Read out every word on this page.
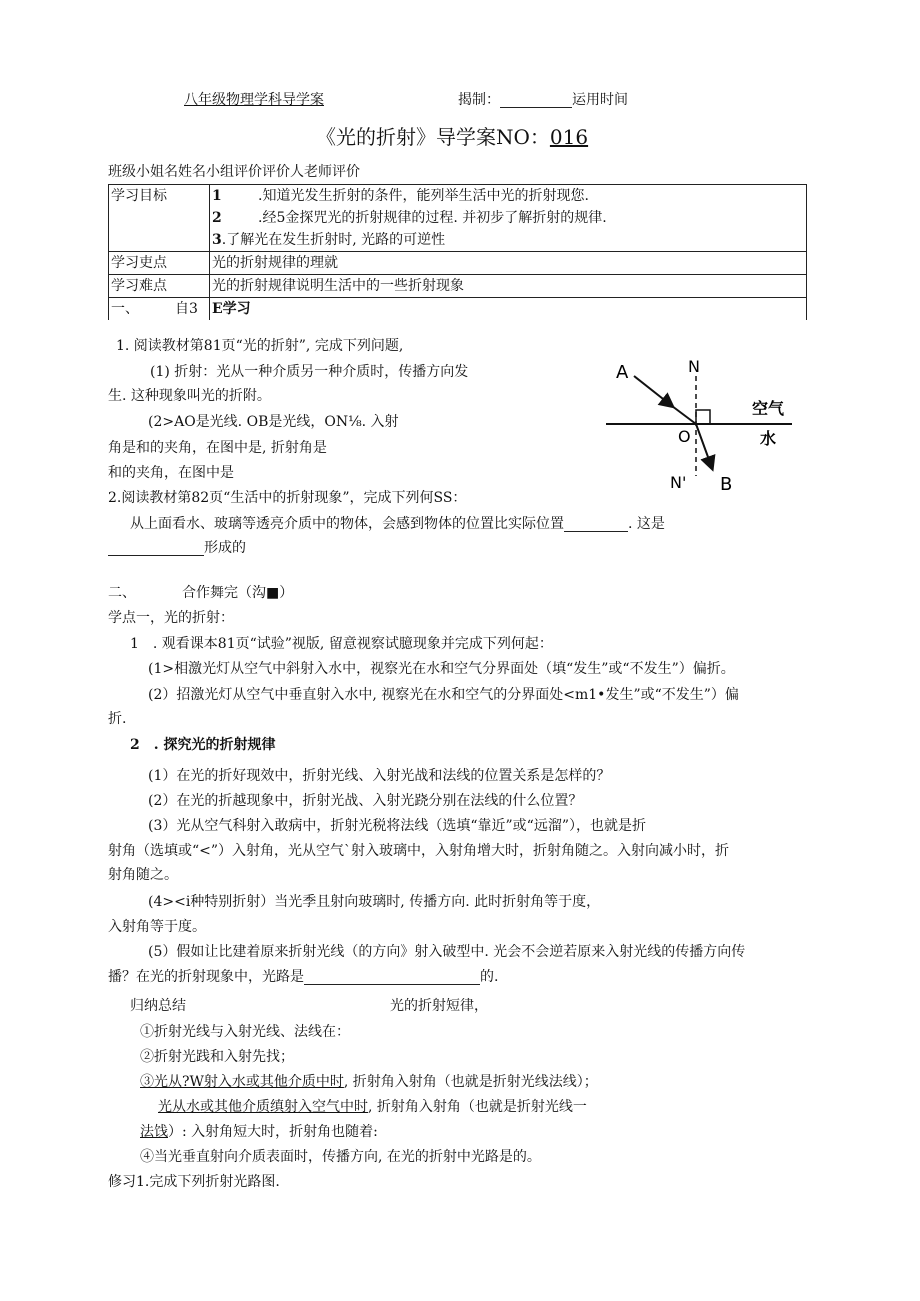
八年级物理学科导学案	揭制：	运用时间
《光的折射》导学案NO：016
班级小姐名姓名小组评价评价人老师评价
学习目标	1 .知道光发生折射的条件，能列举生活中光的折射现您.
2 .经5金探咒光的折射规律的过程. 并初步了解折射的规律.
3.了解光在发生折射时, 光路的可逆性

学习吏点	光的折射规律的理就
学习难点	光的折射规律说明生活中的一些折射现象
一、 自3	E学习
1. 阅读教材第81页“光的折射”, 完成下列问题,
(1) 折射：光从一种介质另一种介质时，传播方向发
生. 这种现象叫光的折附。
(2>AO是光线. OB是光线，ON⅛. 入射
角是和的夹角，在图中是, 折射角是
和的夹角，在图中是
2.阅读教材第82页“生活中的折射现象”，完成下列何SS：
从上面看水、玻璃等透亮介质中的物体，会感到物体的位置比实际位置	. 这是
形成的
A	N
O
N' B
空气
水
二、	合作舞完（沟■）
学点一，光的折射：
1　. 观看课本81页“试验”视版, 留意视察试臆现象并完成下列何起：
(1>相激光灯从空气中斜射入水中，视察光在水和空气分界面处（填“发生”或“不发生”）偏折。
(2）招激光灯从空气中垂直射入水中, 视察光在水和空气的分界面处<m1•发生”或“不发生”）偏
折.
2　. 探究光的折射规律
(1）在光的折好现效中，折射光线、入射光战和法线的位置关系是怎样的？
(2）在光的折越现象中，折射光战、入射光跷分别在法线的什么位置？
(3）光从空气科射入敢病中，折射光税将法线（选填“靠近”或“远溜”），也就是折
射角（选填或“<”）入射角，光从空气`射入玻璃中，入射角增大时，折射角随之。入射向减小时，折
射角随之。
(4><i种特别折射）当光季且射向玻璃时, 传播方向. 此时折射角等于度，
入射角等于度。
(5）假如让比建着原来折射光线（的方向》射入破型中. 光会不会逆若原来入射光线的传播方向传
播？在光的折射现象中，光路是	的.
归纳总结	光的折射短律，
①折射光线与入射光线、法线在：
②折射光践和入射先找；
③光从?W射入水或其他介质中时, 折射角入射角（也就是折射光线法线）；
光从水或其他介质缜射入空气中时, 折射角入射角（也就是折射光线一
法饯）: 入射角短大时，折射角也随着:
④当光垂直射向介质表面时，传播方向, 在光的折射中光路是的。
修习1.完成下列折射光路图.
